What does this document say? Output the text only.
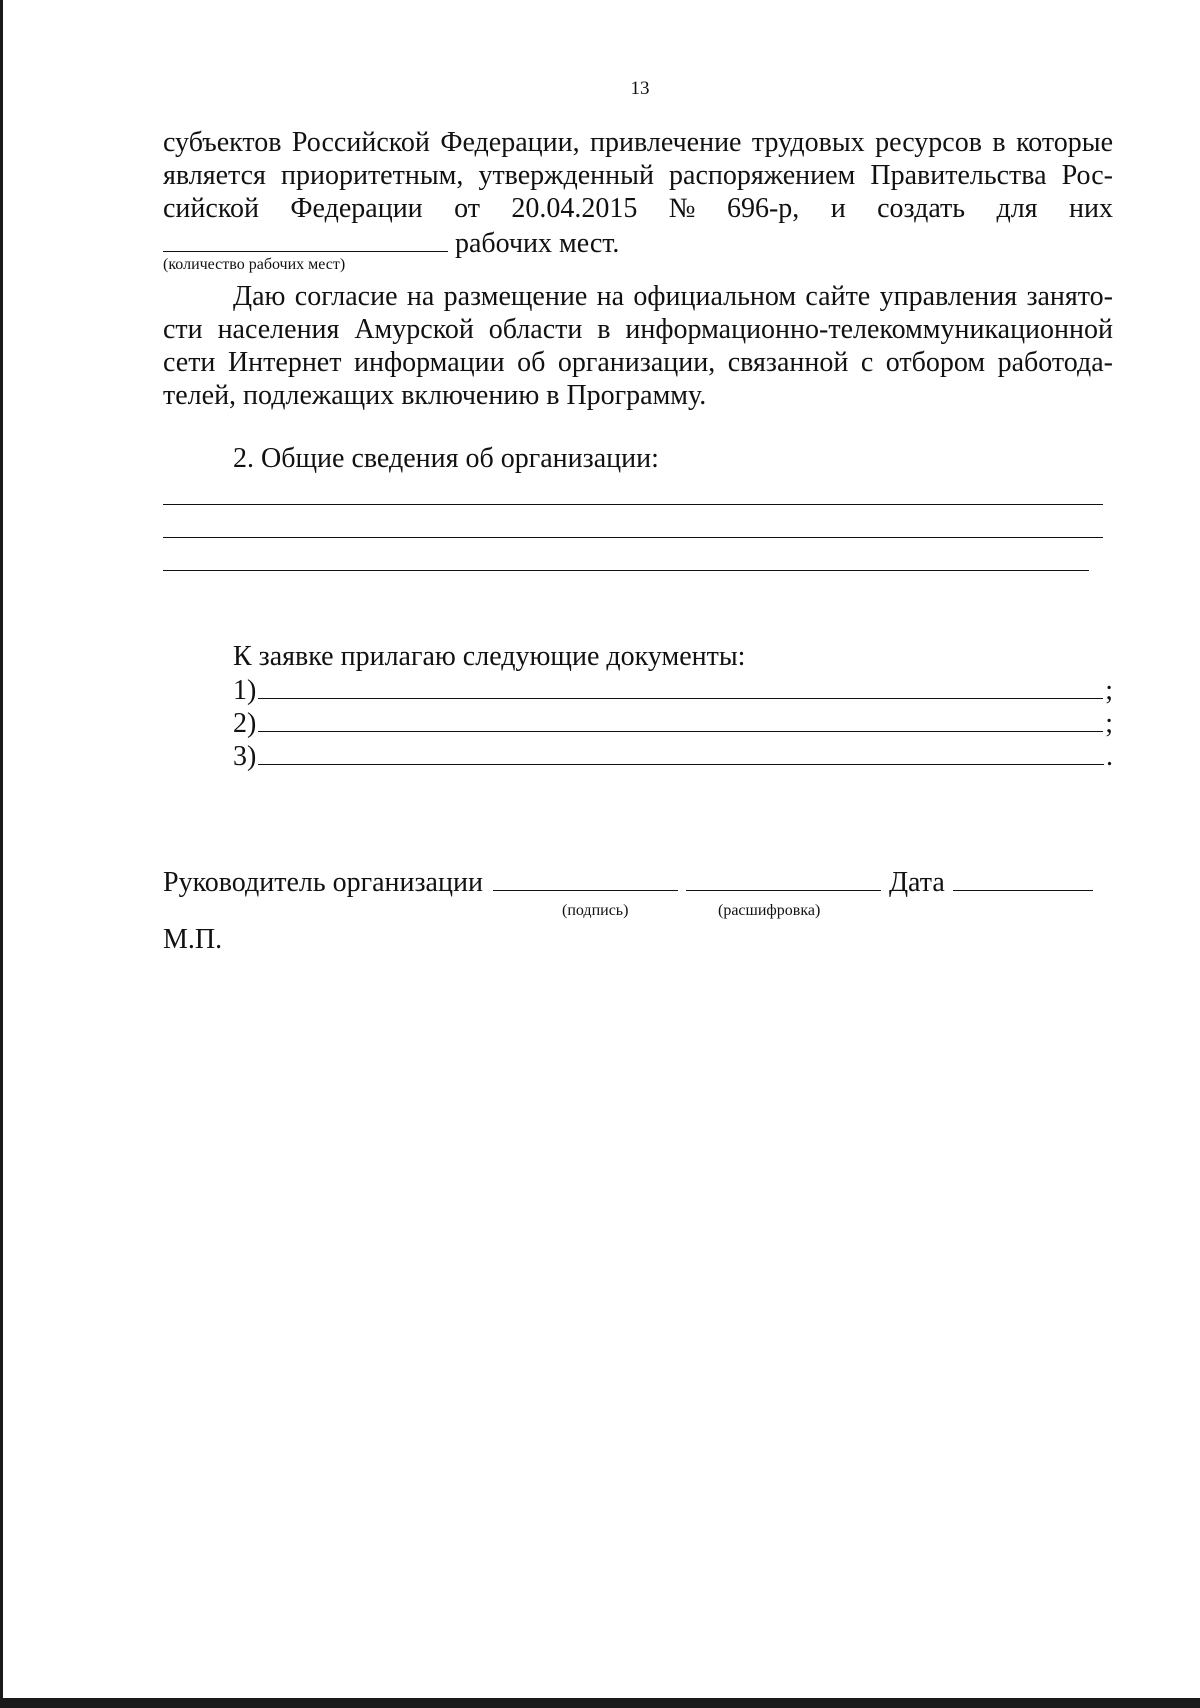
13
субъектов Российской Федерации, привлечение трудовых ресурсов в которые
является приоритетным, утвержденный распоряжением Правительства Рос-
сийской Федерации от 20.04.2015 № 696-р, и создать для них
рабочих мест.
(количество рабочих мест)
Даю согласие на размещение на официальном сайте управления занято-
сти населения Амурской области в информационно-телекоммуникационной
сети Интернет информации об организации, связанной с отбором работода-
телей, подлежащих включению в Программу.
2. Общие сведения об организации:
К заявке прилагаю следующие документы:
1)	;
2)	;
3)	.
Руководитель организации	Дата
(подпись)	(расшифровка)
М.П.
